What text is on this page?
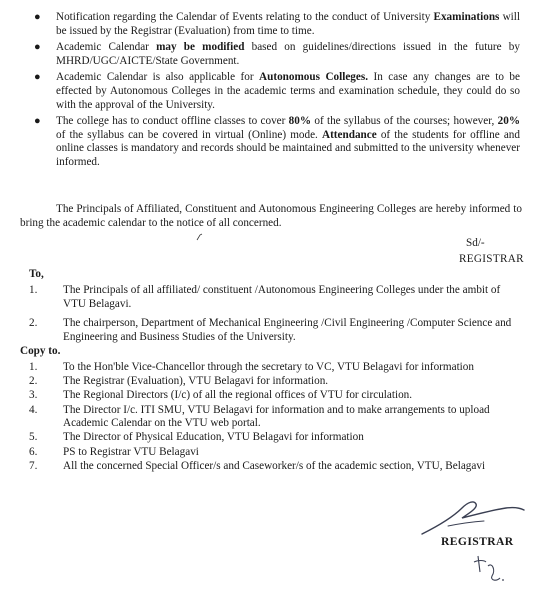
● Notification regarding the Calendar of Events relating to the conduct of University Examinations will be issued by the Registrar (Evaluation) from time to time.
● Academic Calendar may be modified based on guidelines/directions issued in the future by MHRD/UGC/AICTE/State Government.
● Academic Calendar is also applicable for Autonomous Colleges. In case any changes are to be effected by Autonomous Colleges in the academic terms and examination schedule, they could do so with the approval of the University.
● The college has to conduct offline classes to cover 80% of the syllabus of the courses; however, 20% of the syllabus can be covered in virtual (Online) mode. Attendance of the students for offline and online classes is mandatory and records should be maintained and submitted to the university whenever informed.

The Principals of Affiliated, Constituent and Autonomous Engineering Colleges are hereby informed to bring the academic calendar to the notice of all concerned.

Sd/-

REGISTRAR

To,

1. The Principals of all affiliated/ constituent /Autonomous Engineering Colleges under the ambit of VTU Belagavi.
2. The chairperson, Department of Mechanical Engineering /Civil Engineering /Computer Science and Engineering and Business Studies of the University.

Copy to.

1. To the Hon'ble Vice-Chancellor through the secretary to VC, VTU Belagavi for information
2. The Registrar (Evaluation), VTU Belagavi for information.
3. The Regional Directors (I/c) of all the regional offices of VTU for circulation.
4. The Director I/c. ITI SMU, VTU Belagavi for information and to make arrangements to upload Academic Calendar on the VTU web portal.
5. The Director of Physical Education, VTU Belagavi for information
6. PS to Registrar VTU Belagavi
7. All the concerned Special Officer/s and Caseworker/s of the academic section, VTU, Belagavi

REGISTRAR
